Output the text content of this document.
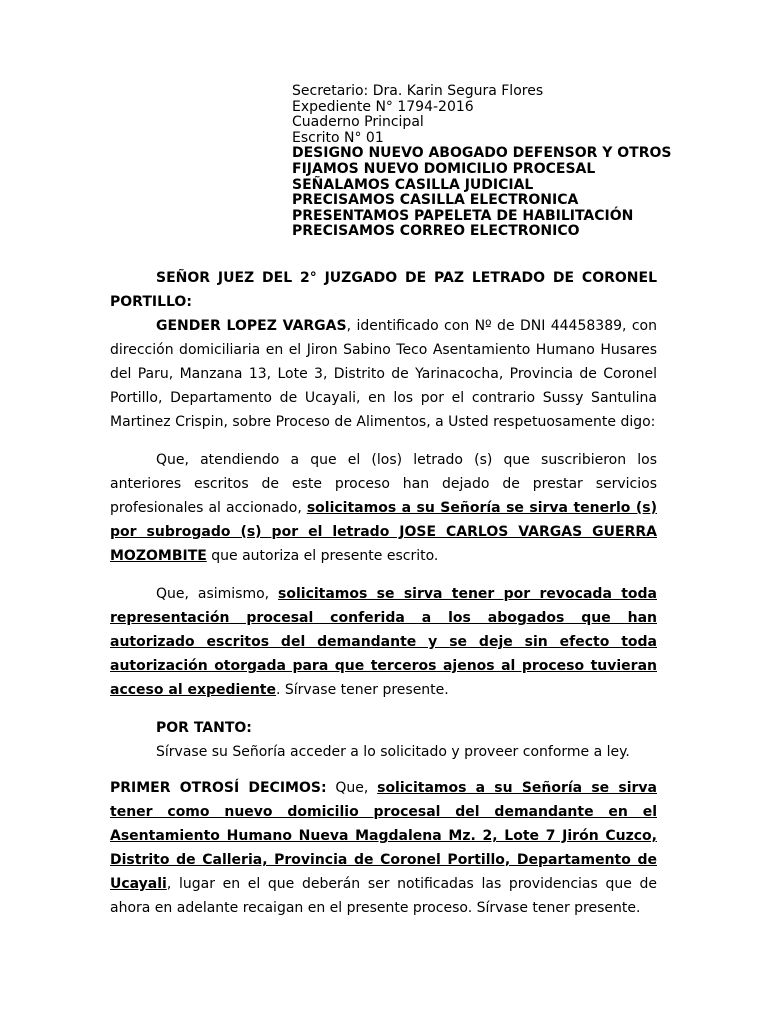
Secretario: Dra. Karin Segura Flores
Expediente N° 1794-2016
Cuaderno Principal
Escrito N° 01
DESIGNO NUEVO ABOGADO DEFENSOR Y OTROS
FIJAMOS NUEVO DOMICILIO PROCESAL
SEÑALAMOS CASILLA JUDICIAL
PRECISAMOS CASILLA ELECTRONICA
PRESENTAMOS PAPELETA DE HABILITACIÓN
PRECISAMOS CORREO ELECTRONICO

SEÑOR JUEZ DEL 2° JUZGADO DE PAZ LETRADO DE CORONEL PORTILLO:

GENDER LOPEZ VARGAS, identificado con Nº de DNI 44458389, con dirección domiciliaria en el Jiron Sabino Teco Asentamiento Humano Husares del Paru, Manzana 13, Lote 3, Distrito de Yarinacocha, Provincia de Coronel Portillo, Departamento de Ucayali, en los por el contrario Sussy Santulina Martinez Crispin, sobre Proceso de Alimentos, a Usted respetuosamente digo:

Que, atendiendo a que el (los) letrado (s) que suscribieron los anteriores escritos de este proceso han dejado de prestar servicios profesionales al accionado, solicitamos a su Señoría se sirva tenerlo (s) por subrogado (s) por el letrado JOSE CARLOS VARGAS GUERRA MOZOMBITE que autoriza el presente escrito.

Que, asimismo, solicitamos se sirva tener por revocada toda representación procesal conferida a los abogados que han autorizado escritos del demandante y se deje sin efecto toda autorización otorgada para que terceros ajenos al proceso tuvieran acceso al expediente. Sírvase tener presente.

POR TANTO:

Sírvase su Señoría acceder a lo solicitado y proveer conforme a ley.

PRIMER OTROSÍ DECIMOS: Que, solicitamos a su Señoría se sirva tener como nuevo domicilio procesal del demandante en el Asentamiento Humano Nueva Magdalena Mz. 2, Lote 7 Jirón Cuzco, Distrito de Calleria, Provincia de Coronel Portillo, Departamento de Ucayali, lugar en el que deberán ser notificadas las providencias que de ahora en adelante recaigan en el presente proceso. Sírvase tener presente.
